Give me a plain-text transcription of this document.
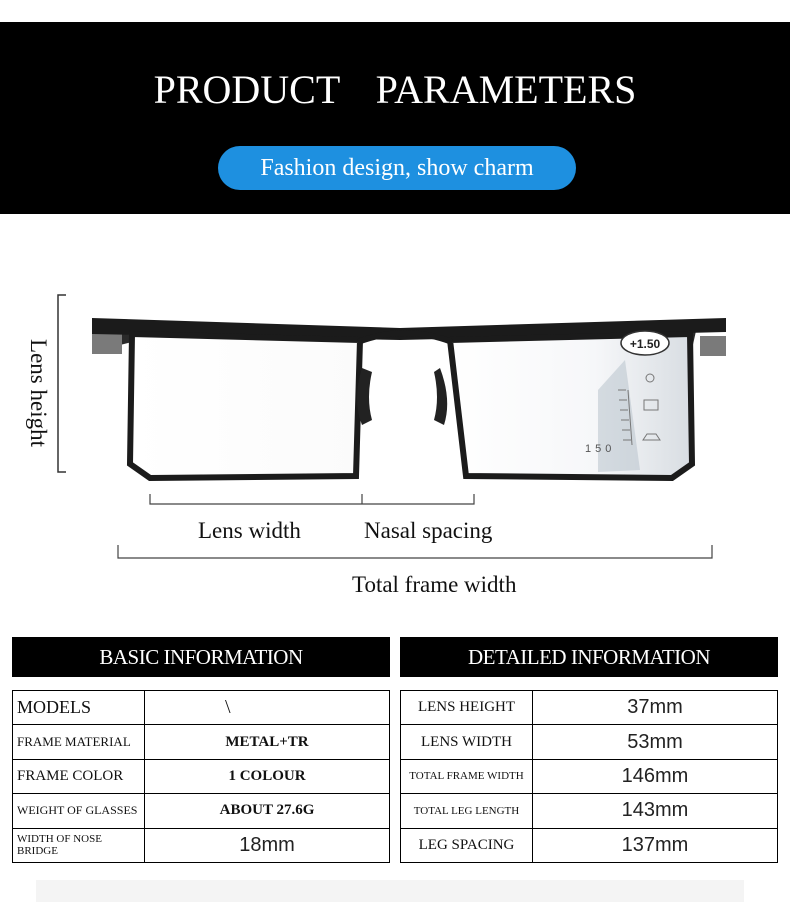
PRODUCT PARAMETERS
Fashion design, show charm
+1.50
150
Lens height
Lens width	Nasal spacing
Total frame width
BASIC INFORMATION	DETAILED INFORMATION
MODELS	\
FRAME MATERIAL	METAL+TR
FRAME COLOR	1 COLOUR
WEIGHT OF GLASSES	ABOUT 27.6G
WIDTH OF NOSE BRIDGE	18mm
LENS HEIGHT	37mm
LENS WIDTH	53mm
TOTAL FRAME WIDTH	146mm
TOTAL LEG LENGTH	143mm
LEG SPACING	137mm
